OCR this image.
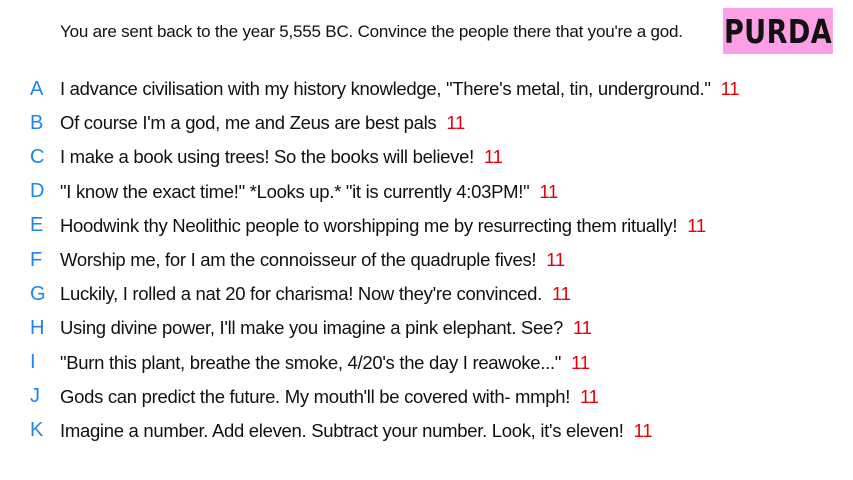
You are sent back to the year 5,555 BC. Convince the people there that you're a god. PURDA
A I advance civilisation with my history knowledge, "There's metal, tin, underground." 11
B Of course I'm a god, me and Zeus are best pals 11
C I make a book using trees! So the books will believe! 11
D "I know the exact time!" *Looks up.* "it is currently 4:03PM!" 11
E Hoodwink thy Neolithic people to worshipping me by resurrecting them ritually! 11
F Worship me, for I am the connoisseur of the quadruple fives! 11
G Luckily, I rolled a nat 20 for charisma! Now they're convinced. 11
H Using divine power, I'll make you imagine a pink elephant. See? 11
I	"Burn this plant, breathe the smoke, 4/20's the day I reawoke..." 11
J	Gods can predict the future. My mouth'll be covered with- mmph! 11
K Imagine a number. Add eleven. Subtract your number. Look, it's eleven! 11
